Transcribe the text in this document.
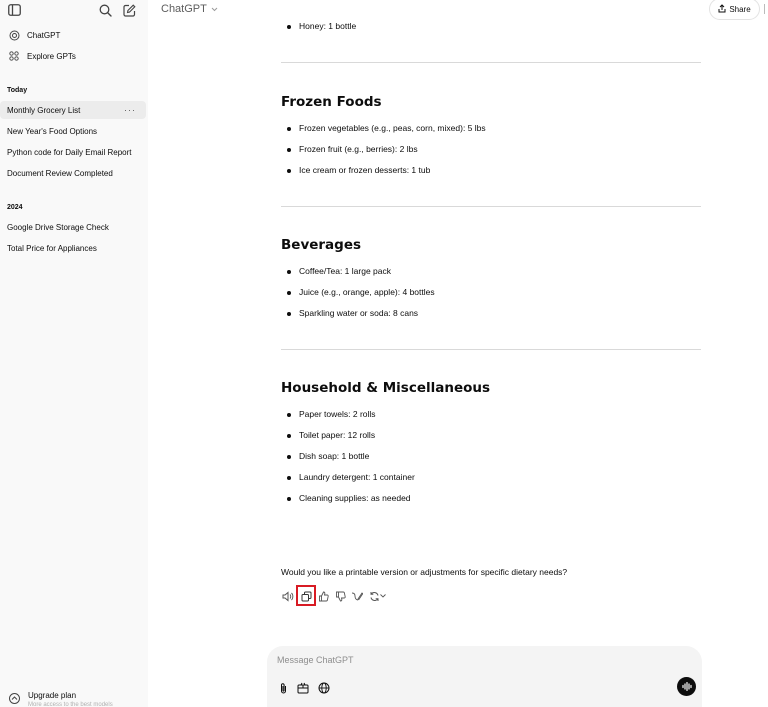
ChatGPT
Explore GPTs
Today
Monthly Grocery List	···
New Year's Food Options
Python code for Daily Email Report
Document Review Completed
2024
Google Drive Storage Check
Total Price for Appliances
Upgrade plan
More access to the best models
ChatGPT	Share
Honey: 1 bottle
Frozen Foods
Frozen vegetables (e.g., peas, corn, mixed): 5 lbs
Frozen fruit (e.g., berries): 2 lbs
Ice cream or frozen desserts: 1 tub
Beverages
Coffee/Tea: 1 large pack
Juice (e.g., orange, apple): 4 bottles
Sparkling water or soda: 8 cans
Household & Miscellaneous
Paper towels: 2 rolls
Toilet paper: 12 rolls
Dish soap: 1 bottle
Laundry detergent: 1 container
Cleaning supplies: as needed
Would you like a printable version or adjustments for specific dietary needs?
Message ChatGPT
